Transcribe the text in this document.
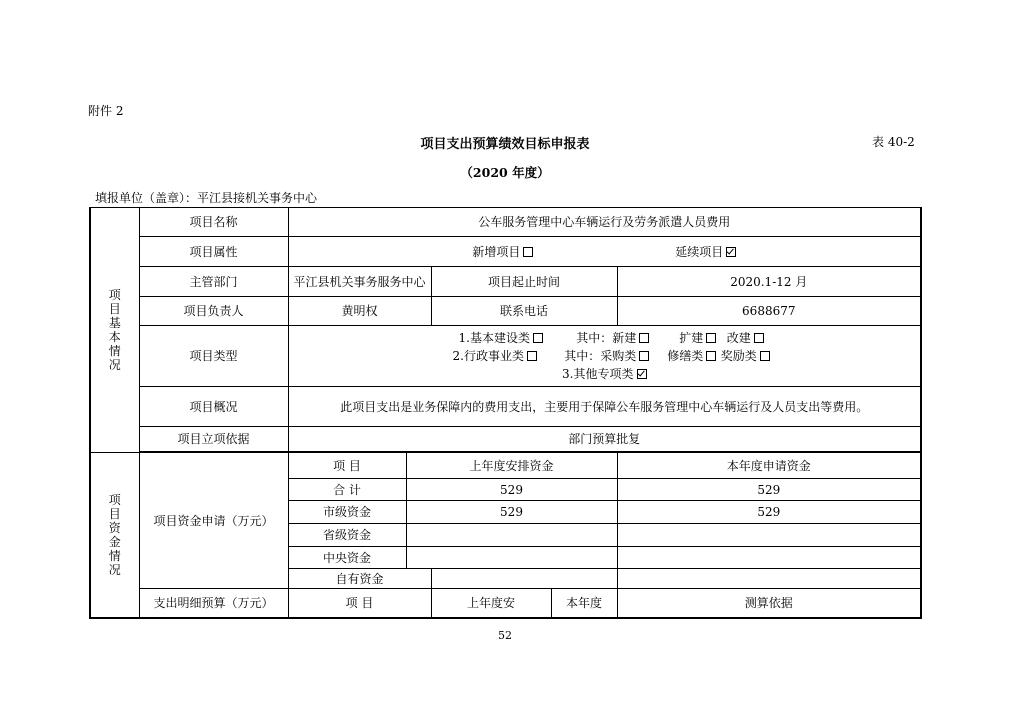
附件 2
项目支出预算绩效目标申报表	表 40-2
（2020 年度）
填报单位（盖章）：平江县接机关事务中心
项目基本情况	项目名称	公车服务管理中心车辆运行及劳务派遣人员费用				
	项目属性	新增项目 延续项目				
	主管部门	平江县机关事务服务中心		项目起止时间		2020.1-12 月
	项目负责人	黄明权		联系电话		6688677
	项目类型	1.基本建设类 其中：新建 扩建 改建
2.行政事业类 其中：采购类 修缮类 奖励类
3.其他专项类				

	项目概况	此项目支出是业务保障内的费用支出，主要用于保障公车服务管理中心车辆运行及人员支出等费用。				
	项目立项依据	部门预算批复				

项目资金情况	项目资金申请（万元）	项 目	上年度安排资金			本年度申请资金
		合 计	529			529
		市级资金	529			529
		省级资金				
		中央资金				
		自有资金				
	支出明细预算（万元）	项 目		上年度安	本年度	测算依据
52
